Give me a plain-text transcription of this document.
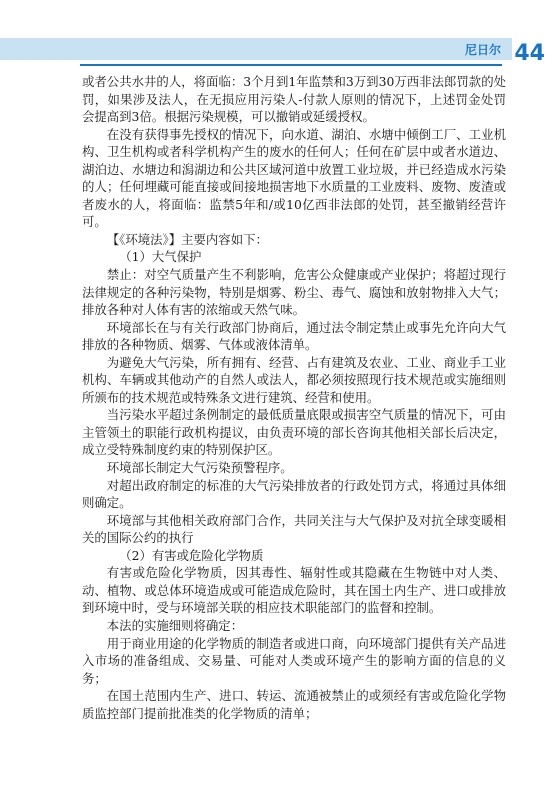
尼日尔 44

或者公共水井的人，将面临：3个月到1年监禁和3万到30万西非法郎罚款的处罚，如果涉及法人，在无损应用污染人-付款人原则的情况下，上述罚金处罚会提高到3倍。根据污染规模，可以撤销或延缓授权。

在没有获得事先授权的情况下，向水道、湖泊、水塘中倾倒工厂、工业机构、卫生机构或者科学机构产生的废水的任何人；任何在矿层中或者水道边、湖泊边、水塘边和潟湖边和公共区域河道中放置工业垃圾，并已经造成水污染的人；任何埋藏可能直接或间接地损害地下水质量的工业废料、废物、废渣或者废水的人，将面临：监禁5年和/或10亿西非法郎的处罚，甚至撤销经营许可。

【《环境法》】主要内容如下：

（1）大气保护

禁止：对空气质量产生不利影响，危害公众健康或产业保护；将超过现行法律规定的各种污染物，特别是烟雾、粉尘、毒气、腐蚀和放射物排入大气；排放各种对人体有害的浓缩或天然气味。

环境部长在与有关行政部门协商后，通过法令制定禁止或事先允许向大气排放的各种物质、烟雾、气体或液体清单。

为避免大气污染，所有拥有、经营、占有建筑及农业、工业、商业手工业机构、车辆或其他动产的自然人或法人，都必须按照现行技术规范或实施细则所颁布的技术规范或特殊条文进行建筑、经营和使用。

当污染水平超过条例制定的最低质量底限或损害空气质量的情况下，可由主管领土的职能行政机构提议，由负责环境的部长咨询其他相关部长后决定，成立受特殊制度约束的特别保护区。

环境部长制定大气污染预警程序。

对超出政府制定的标准的大气污染排放者的行政处罚方式，将通过具体细则确定。

环境部与其他相关政府部门合作，共同关注与大气保护及对抗全球变暖相关的国际公约的执行

（2）有害或危险化学物质

有害或危险化学物质，因其毒性、辐射性或其隐藏在生物链中对人类、动、植物、或总体环境造成或可能造成危险时，其在国土内生产、进口或排放到环境中时，受与环境部关联的相应技术职能部门的监督和控制。

本法的实施细则将确定：

用于商业用途的化学物质的制造者或进口商，向环境部门提供有关产品进入市场的准备组成、交易量、可能对人类或环境产生的影响方面的信息的义务；

在国土范围内生产、进口、转运、流通被禁止的或须经有害或危险化学物质监控部门提前批准类的化学物质的清单；
